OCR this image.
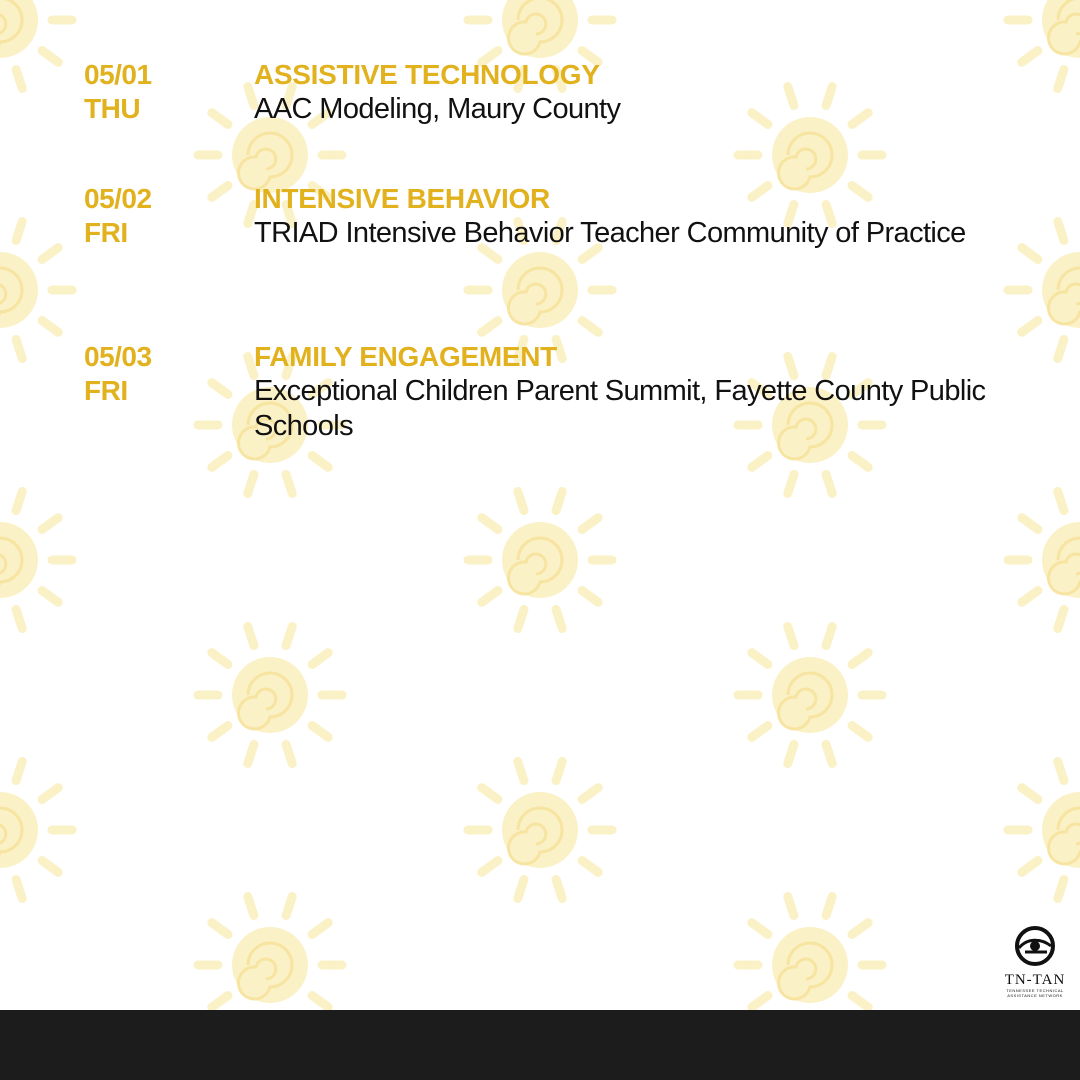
05/01
THU
ASSISTIVE TECHNOLOGY
AAC Modeling, Maury County
05/02
FRI
INTENSIVE BEHAVIOR
TRIAD Intensive Behavior Teacher Community of Practice
05/03
FRI
FAMILY ENGAGEMENT
Exceptional Children Parent Summit, Fayette County Public Schools
TN-TAN
TENNESSEE TECHNICAL ASSISTANCE NETWORK
